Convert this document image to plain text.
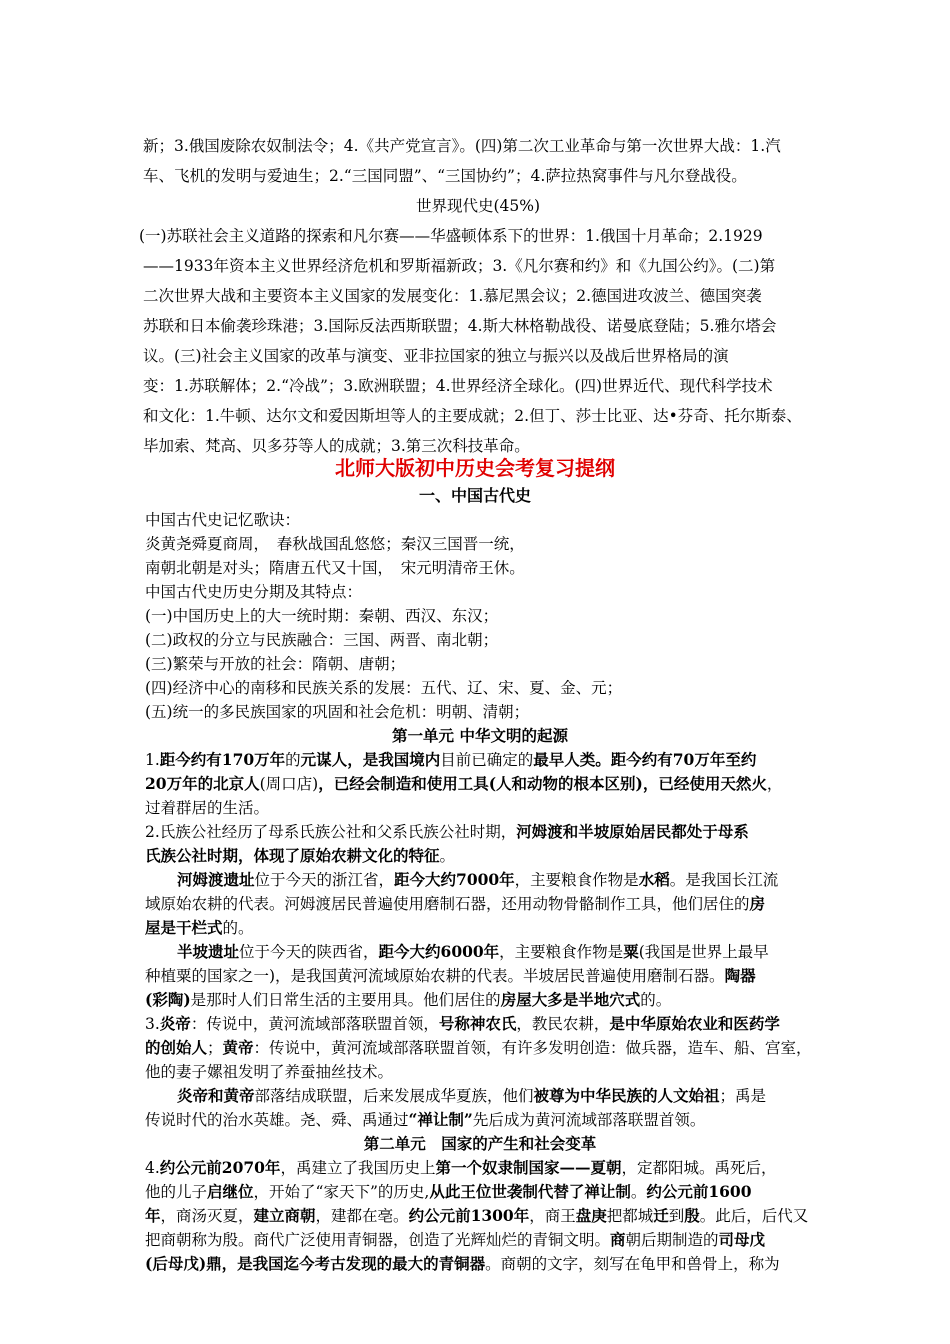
新；3.俄国废除农奴制法令；4.《共产党宣言》。(四)第二次工业革命与第一次世界大战：1.汽

车、飞机的发明与爱迪生；2.“三国同盟”、“三国协约”；4.萨拉热窝事件与凡尔登战役。

世界现代史(45%)

(一)苏联社会主义道路的探索和凡尔赛——华盛顿体系下的世界：1.俄国十月革命；2.1929

——1933年资本主义世界经济危机和罗斯福新政；3.《凡尔赛和约》和《九国公约》。(二)第

二次世界大战和主要资本主义国家的发展变化：1.慕尼黑会议；2.德国进攻波兰、德国突袭

苏联和日本偷袭珍珠港；3.国际反法西斯联盟；4.斯大林格勒战役、诺曼底登陆；5.雅尔塔会

议。(三)社会主义国家的改革与演变、亚非拉国家的独立与振兴以及战后世界格局的演

变：1.苏联解体；2.“冷战”；3.欧洲联盟；4.世界经济全球化。(四)世界近代、现代科学技术

和文化：1.牛顿、达尔文和爱因斯坦等人的主要成就；2.但丁、莎士比亚、达•芬奇、托尔斯泰、

毕加索、梵高、贝多芬等人的成就；3.第三次科技革命。

北师大版初中历史会考复习提纲
一、中国古代史

中国古代史记忆歌诀：

炎黄尧舜夏商周，　春秋战国乱悠悠；秦汉三国晋一统，

南朝北朝是对头；隋唐五代又十国，　宋元明清帝王休。

中国古代史历史分期及其特点：

(一)中国历史上的大一统时期：秦朝、西汉、东汉；

(二)政权的分立与民族融合：三国、两晋、南北朝；

(三)繁荣与开放的社会：隋朝、唐朝；

(四)经济中心的南移和民族关系的发展：五代、辽、宋、夏、金、元；

(五)统一的多民族国家的巩固和社会危机：明朝、清朝；

第一单元 中华文明的起源

1.距今约有170万年的元谋人，是我国境内目前已确定的最早人类。距今约有70万年至约

20万年的北京人(周口店)，已经会制造和使用工具(人和动物的根本区别)，已经使用天然火，

过着群居的生活。

2.氏族公社经历了母系氏族公社和父系氏族公社时期，河姆渡和半坡原始居民都处于母系

氏族公社时期，体现了原始农耕文化的特征。

河姆渡遗址位于今天的浙江省，距今大约7000年，主要粮食作物是水稻。是我国长江流

域原始农耕的代表。河姆渡居民普遍使用磨制石器，还用动物骨骼制作工具，他们居住的房

屋是干栏式的。

半坡遗址位于今天的陕西省，距今大约6000年，主要粮食作物是粟(我国是世界上最早

种植粟的国家之一)，是我国黄河流域原始农耕的代表。半坡居民普遍使用磨制石器。陶器

(彩陶)是那时人们日常生活的主要用具。他们居住的房屋大多是半地穴式的。

3.炎帝：传说中，黄河流域部落联盟首领，号称神农氏，教民农耕，是中华原始农业和医药学

的创始人；黄帝：传说中，黄河流域部落联盟首领，有许多发明创造：做兵器，造车、船、宫室，

他的妻子嫘祖发明了养蚕抽丝技术。

炎帝和黄帝部落结成联盟，后来发展成华夏族，他们被尊为中华民族的人文始祖；禹是

传说时代的治水英雄。尧、舜、禹通过“禅让制”先后成为黄河流域部落联盟首领。

第二单元　国家的产生和社会变革

4.约公元前2070年，禹建立了我国历史上第一个奴隶制国家——夏朝，定都阳城。禹死后，

他的儿子启继位，开始了“家天下”的历史,从此王位世袭制代替了禅让制。约公元前1600

年，商汤灭夏，建立商朝，建都在亳。约公元前1300年，商王盘庚把都城迁到殷。此后，后代又

把商朝称为殷。商代广泛使用青铜器，创造了光辉灿烂的青铜文明。商朝后期制造的司母戊

(后母戊)鼎，是我国迄今考古发现的最大的青铜器。商朝的文字，刻写在龟甲和兽骨上，称为
